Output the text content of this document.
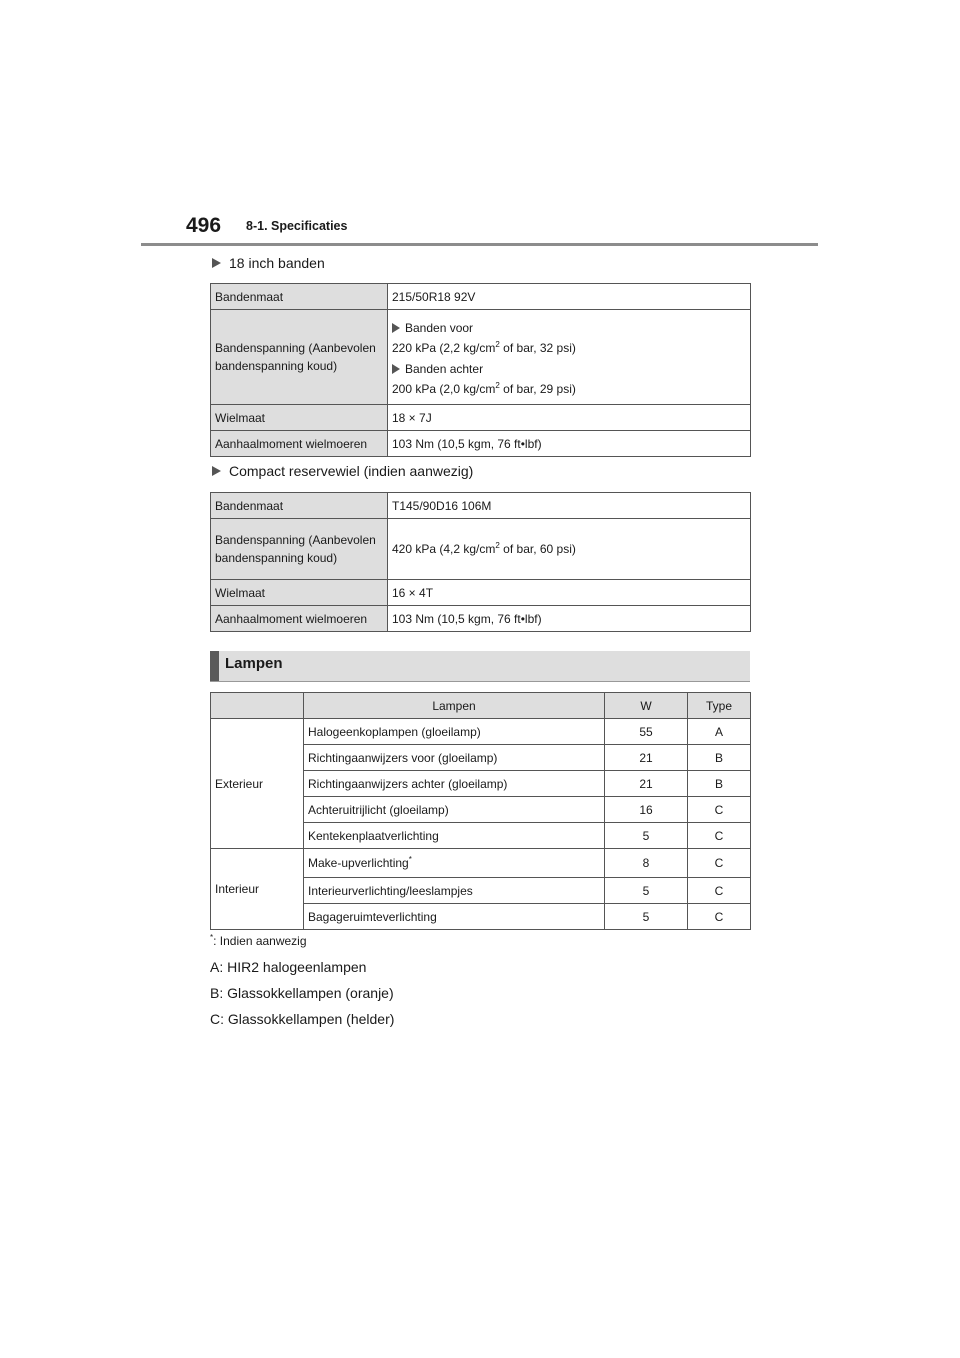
496 8-1. Specificaties
18 inch banden
Bandenmaat	215/50R18 92V
Bandenspanning (Aanbevolen bandenspanning koud)	Banden voor

220 kPa (2,2 $kg/cm^2$ of bar, 32 psi)

Banden achter

200 kPa (2,0 $kg/cm^2$ of bar, 29 psi)

Wielmaat	18 × 7J
Aanhaalmoment wielmoeren	103 Nm (10,5 kgm, 76 ft•lbf)
Compact reservewiel (indien aanwezig)
Bandenmaat	T145/90D16 106M
Bandenspanning (Aanbevolen bandenspanning koud)	420 kPa (4,2 $kg/cm^2$ of bar, 60 psi)
Wielmaat	16 × 4T
Aanhaalmoment wielmoeren	103 Nm (10,5 kgm, 76 ft•lbf)
Lampen
	Lampen	W	Type
Exterieur	Halogeenkoplampen (gloeilamp)	55	A
	Richtingaanwijzers voor (gloeilamp)	21	B
	Richtingaanwijzers achter (gloeilamp)	21	B
	Achteruitrijlicht (gloeilamp)	16	C
	Kentekenplaatverlichting	5	C
Interieur	Make-upverlichting*	8	C
	Interieurverlichting/leeslampjes	5	C
	Bagageruimteverlichting	5	C
*: Indien aanwezig
A: HIR2 halogeenlampen
B: Glassokkellampen (oranje)
C: Glassokkellampen (helder)
